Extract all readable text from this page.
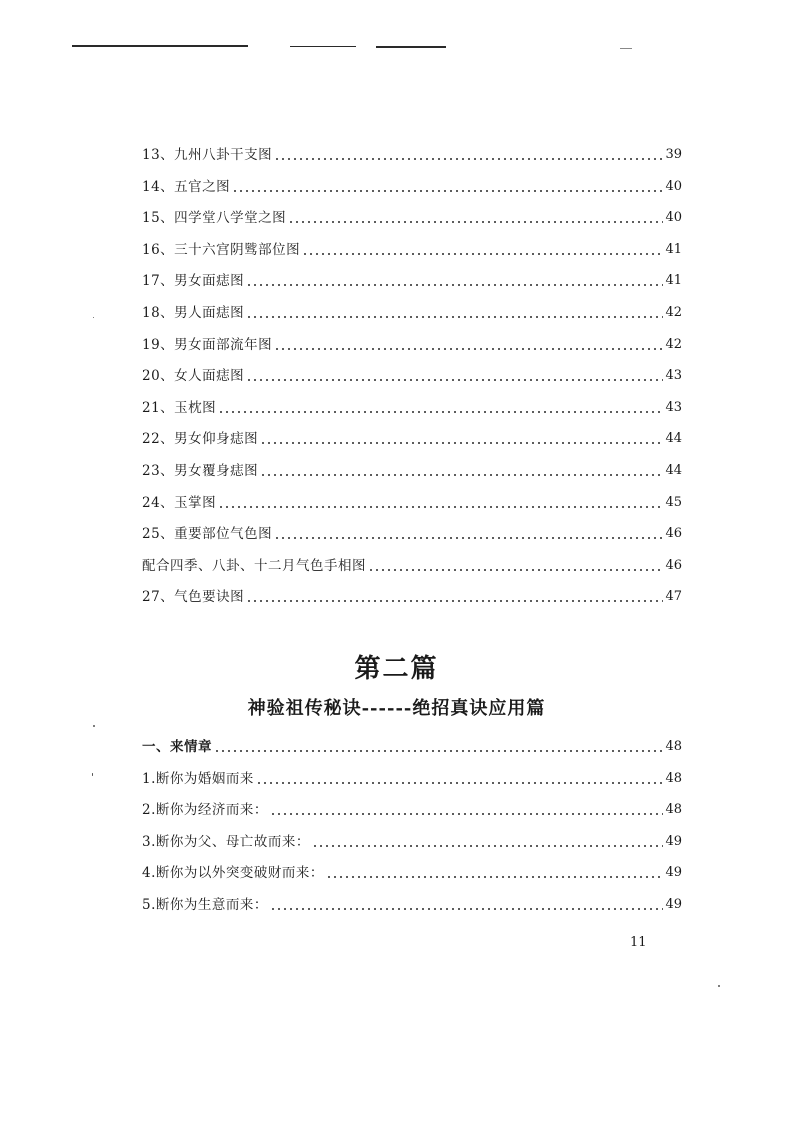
13、九州八卦干支图	39
14、五官之图	40
15、四学堂八学堂之图	40
16、三十六宫阴骘部位图	41
17、男女面痣图	41
18、男人面痣图	42
19、男女面部流年图	42
20、女人面痣图	43
21、玉枕图	43
22、男女仰身痣图	44
23、男女覆身痣图	44
24、玉掌图	45
25、重要部位气色图	46
配合四季、八卦、十二月气色手相图	46
27、气色要诀图	47
第二篇
神验祖传秘诀------绝招真诀应用篇
一、来情章	48
1.断你为婚姻而来	48
2.断你为经济而来：	48
3.断你为父、母亡故而来：	49
4.断你为以外突变破财而来：	49
5.断你为生意而来：	49
11
